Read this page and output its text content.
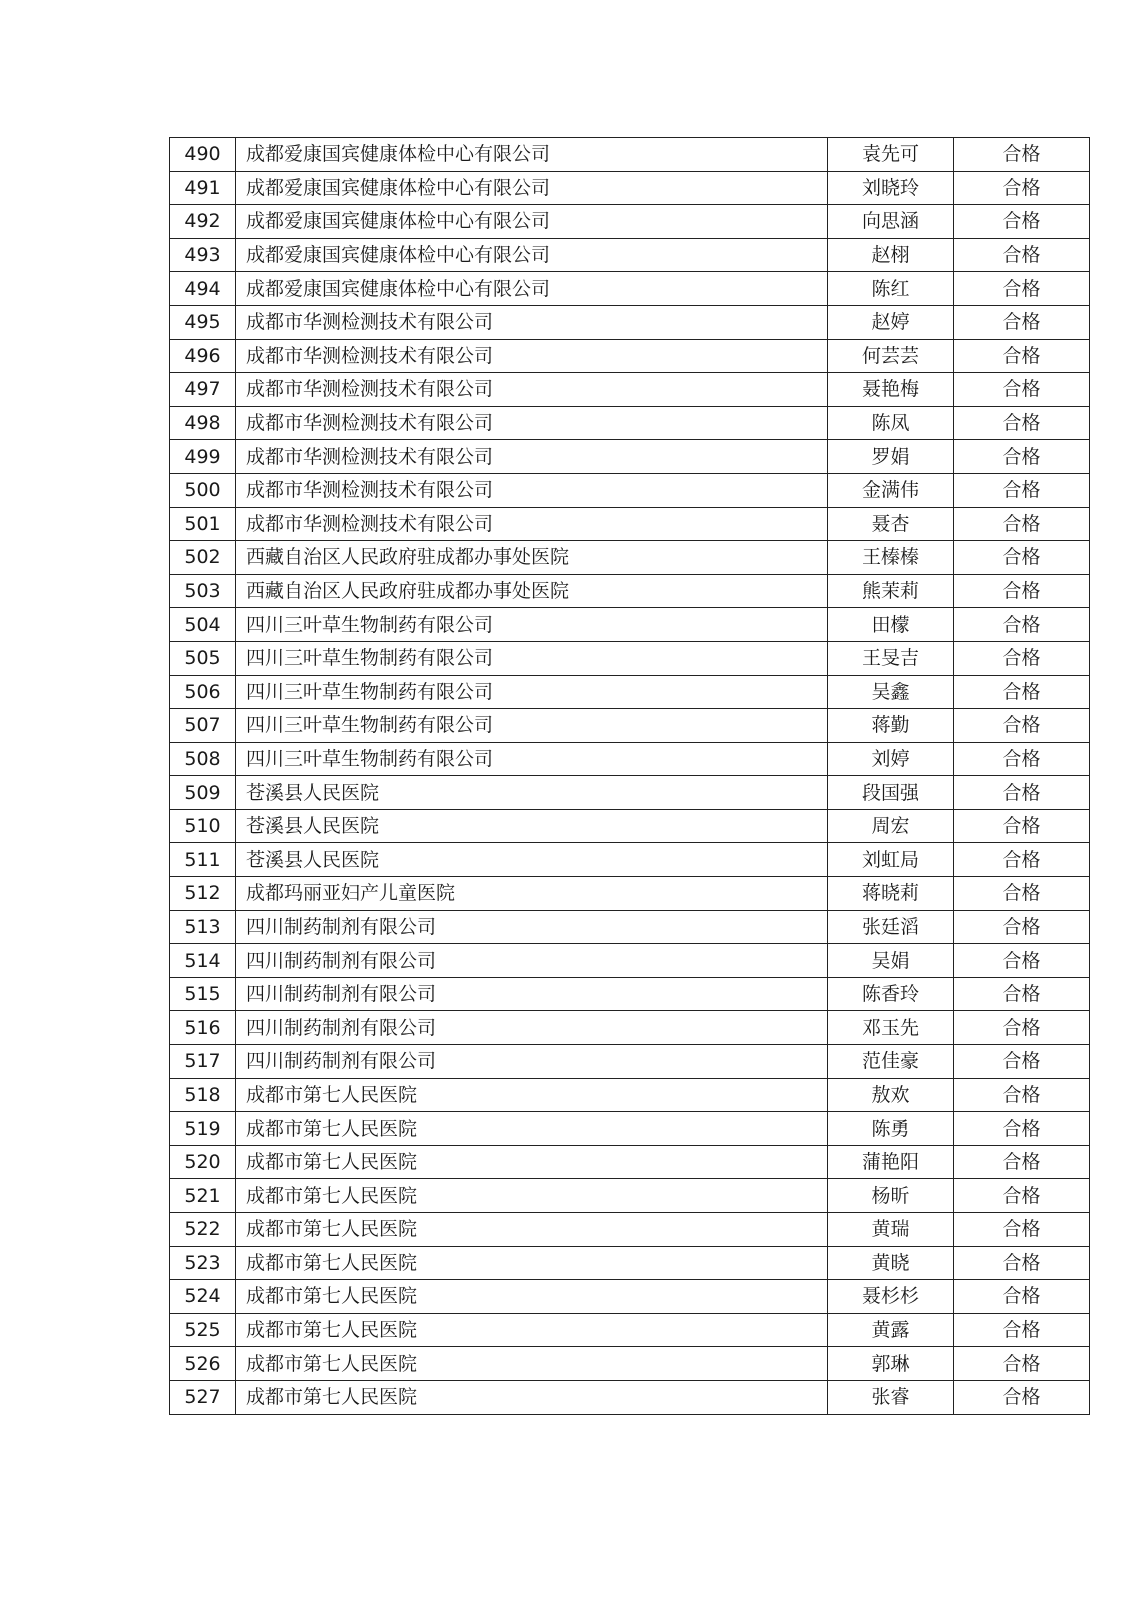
490	成都爱康国宾健康体检中心有限公司	袁先可	合格
491	成都爱康国宾健康体检中心有限公司	刘晓玲	合格
492	成都爱康国宾健康体检中心有限公司	向思涵	合格
493	成都爱康国宾健康体检中心有限公司	赵栩	合格
494	成都爱康国宾健康体检中心有限公司	陈红	合格
495	成都市华测检测技术有限公司	赵婷	合格
496	成都市华测检测技术有限公司	何芸芸	合格
497	成都市华测检测技术有限公司	聂艳梅	合格
498	成都市华测检测技术有限公司	陈凤	合格
499	成都市华测检测技术有限公司	罗娟	合格
500	成都市华测检测技术有限公司	金满伟	合格
501	成都市华测检测技术有限公司	聂杏	合格
502	西藏自治区人民政府驻成都办事处医院	王榛榛	合格
503	西藏自治区人民政府驻成都办事处医院	熊茉莉	合格
504	四川三叶草生物制药有限公司	田檬	合格
505	四川三叶草生物制药有限公司	王旻吉	合格
506	四川三叶草生物制药有限公司	吴鑫	合格
507	四川三叶草生物制药有限公司	蒋勤	合格
508	四川三叶草生物制药有限公司	刘婷	合格
509	苍溪县人民医院	段国强	合格
510	苍溪县人民医院	周宏	合格
511	苍溪县人民医院	刘虹局	合格
512	成都玛丽亚妇产儿童医院	蒋晓莉	合格
513	四川制药制剂有限公司	张廷滔	合格
514	四川制药制剂有限公司	吴娟	合格
515	四川制药制剂有限公司	陈香玲	合格
516	四川制药制剂有限公司	邓玉先	合格
517	四川制药制剂有限公司	范佳豪	合格
518	成都市第七人民医院	敖欢	合格
519	成都市第七人民医院	陈勇	合格
520	成都市第七人民医院	蒲艳阳	合格
521	成都市第七人民医院	杨昕	合格
522	成都市第七人民医院	黄瑞	合格
523	成都市第七人民医院	黄晓	合格
524	成都市第七人民医院	聂杉杉	合格
525	成都市第七人民医院	黄露	合格
526	成都市第七人民医院	郭琳	合格
527	成都市第七人民医院	张睿	合格
